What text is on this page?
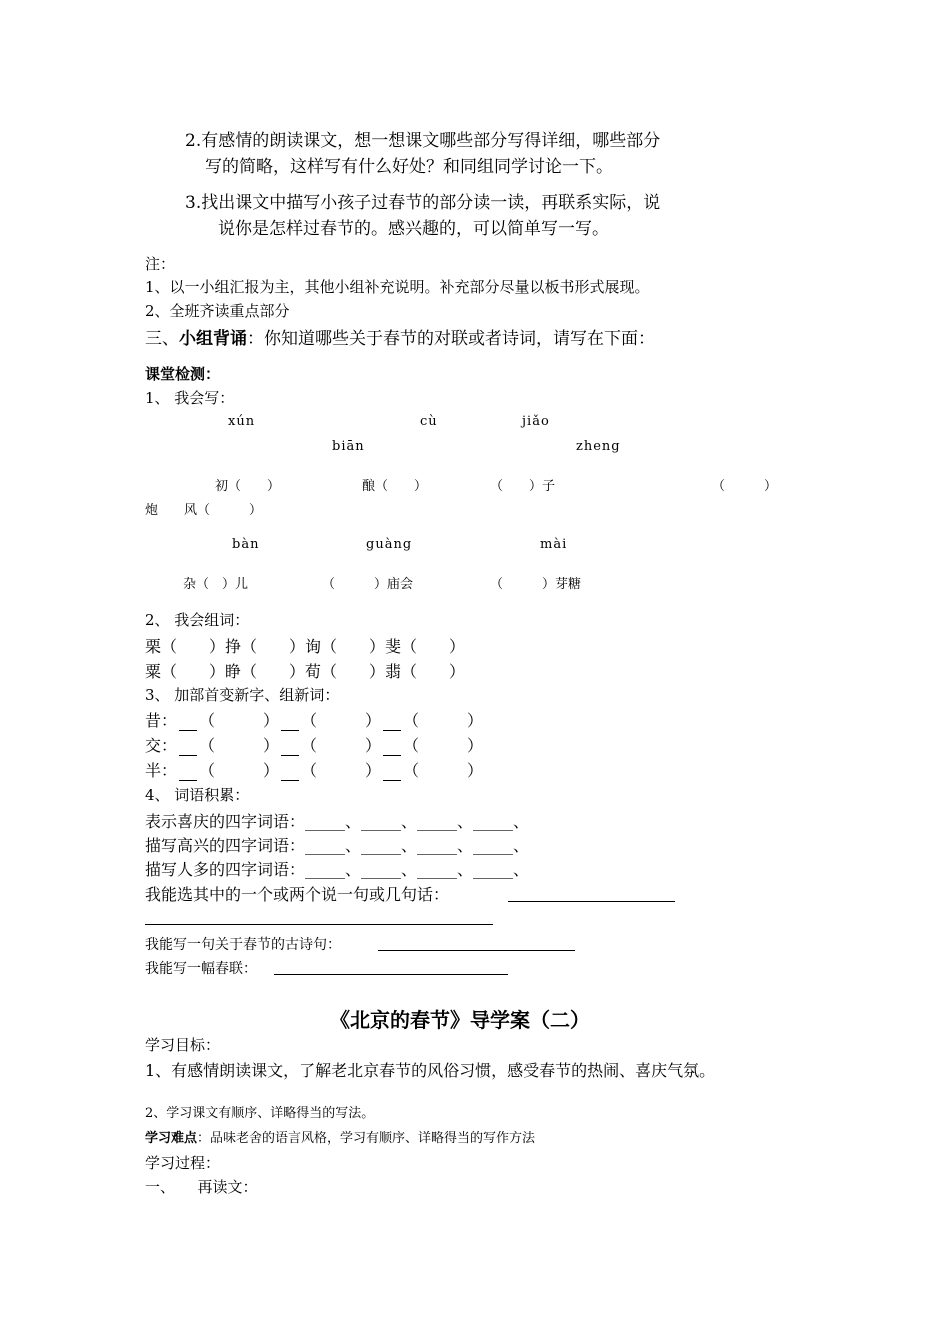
2.有感情的朗读课文，想一想课文哪些部分写得详细，哪些部分
写的简略，这样写有什么好处？和同组同学讨论一下。
3.找出课文中描写小孩子过春节的部分读一读，再联系实际，说
说你是怎样过春节的。感兴趣的，可以简单写一写。
注：
1、以一小组汇报为主，其他小组补充说明。补充部分尽量以板书形式展现。
2、全班齐读重点部分
三、小组背诵：你知道哪些关于春节的对联或者诗词，请写在下面：
课堂检测：
1、 我会写：
xún	cù	jiǎo
biān	zheng
初（　　）	酿（　　）	（　　）子	（　　　）
炮　　风（　　　）
bàn	guàng	mài
杂（　）儿	（　　　）庙会	（　　　）芽糖
2、 我会组词：
栗（　　）挣（　　）询（　　）斐（　　）
粟（　　）睁（　　）荀（　　）翡（　　）
3、 加部首变新字、组新词：
昔： （　　　） （　　　） （　　　）
交： （　　　） （　　　） （　　　）
半： （　　　） （　　　） （　　　）
4、 词语积累：
表示喜庆的四字词语：_____、_____、_____、_____、
描写高兴的四字词语：_____、_____、_____、_____、
描写人多的四字词语：_____、_____、_____、_____、
我能选其中的一个或两个说一句或几句话：
我能写一句关于春节的古诗句：
我能写一幅春联：
《北京的春节》导学案（二）
学习目标：
1、有感情朗读课文，了解老北京春节的风俗习惯，感受春节的热闹、喜庆气氛。
2、学习课文有顺序、详略得当的写法。
学习难点：品味老舍的语言风格，学习有顺序、详略得当的写作方法
学习过程：
一、　　再读文：
